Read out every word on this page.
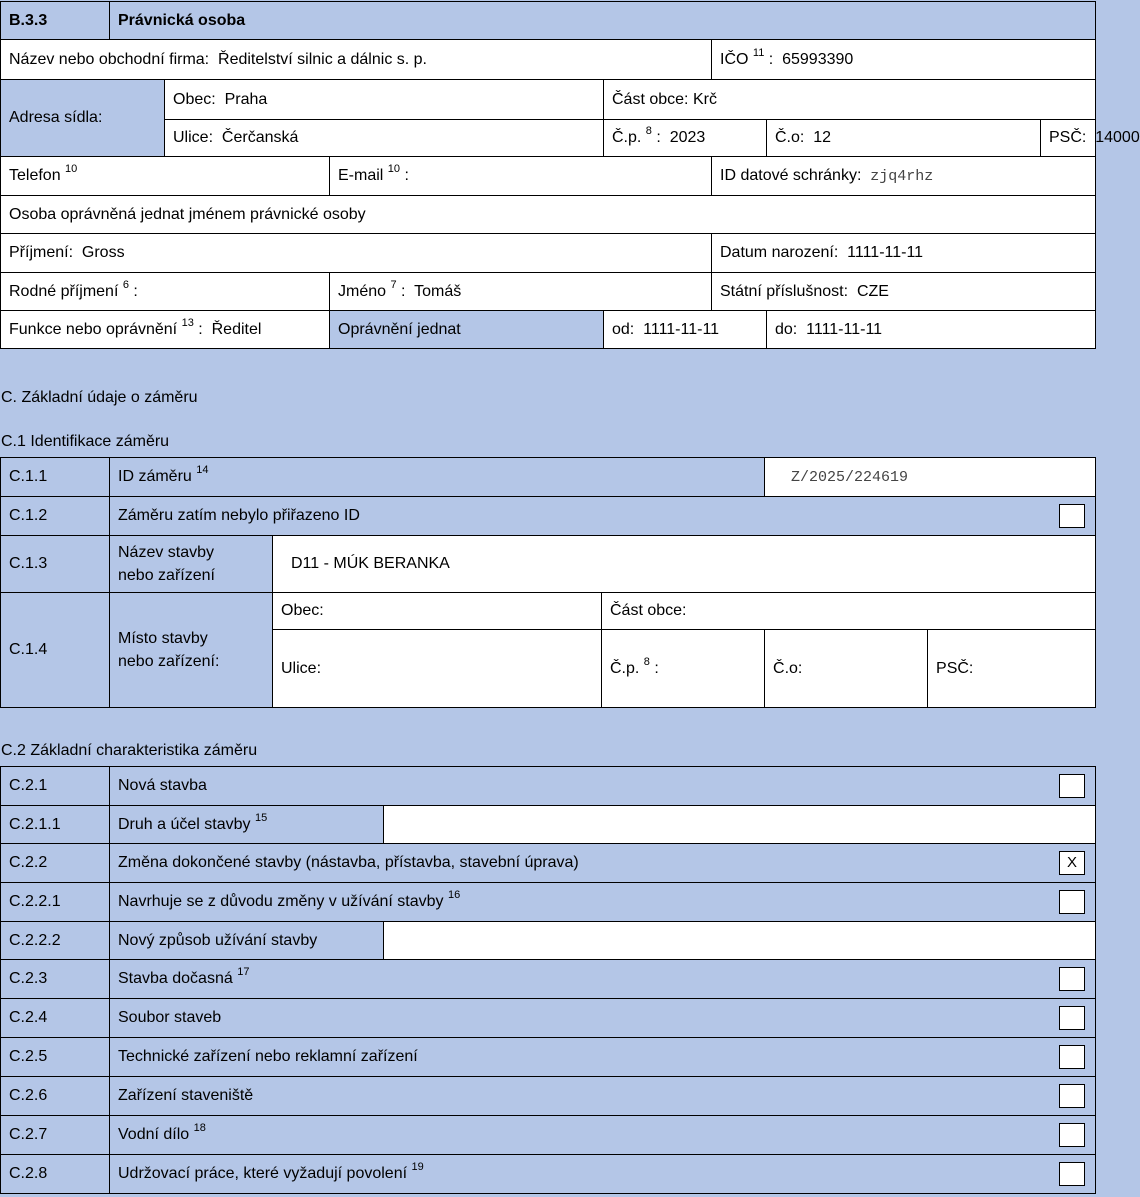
B.3.3	Právnická osoba						
Název nebo obchodní firma: Ředitelství silnic a dálnic s. p.					IČO $^{11}$ :  65993390		
Adresa sídla:		Obec: Praha		Část obce: Krč			
		Ulice: Čerčanská		Č.p. $^8$ :  2023		Č.o: 12	PSČ: 14000
Telefon $^{10}$			E-mail $^{10}$ :		ID datové schránky: zjq4rhz		
Osoba oprávněná jednat jménem právnické osoby							
Příjmení: Gross					Datum narození: 1111-11-11		
Rodné příjmení $^6$ :			Jméno $^7$ :  Tomáš		Státní příslušnost: CZE		
Funkce nebo oprávnění $^{13}$ :  Ředitel			Oprávnění jednat	od: 1111-11-11		do: 1111-11-11	
C. Základní údaje o záměru
C.1 Identifikace záměru
C.1.1	ID záměru $^{14}$			Z/2025/224619	
C.1.2	Záměru zatím nebylo přiřazeno ID				

C.1.3	Název stavby
nebo zařízení	D11 - MÚK BERANKA			
C.1.4	Místo stavby
nebo zařízení:	Obec:	Část obce:		
		Ulice:	Č.p. $^8$ :	Č.o:	PSČ:
C.2 Základní charakteristika záměru
C.2.1	Nová stavba	

C.2.1.1	Druh a účel stavby $^{15}$	
C.2.2	Změna dokončené stavby (nástavba, přístavba, stavební úprava) X	

C.2.2.1	Navrhuje se z důvodu změny v užívání stavby $^{16}$

C.2.2.2	Nový způsob užívání stavby	
C.2.3	Stavba dočasná $^{17}$

C.2.4	Soubor staveb	

C.2.5	Technické zařízení nebo reklamní zařízení	

C.2.6	Zařízení staveniště	

C.2.7	Vodní dílo $^{18}$

C.2.8	Udržovací práce, které vyžadují povolení $^{19}$
